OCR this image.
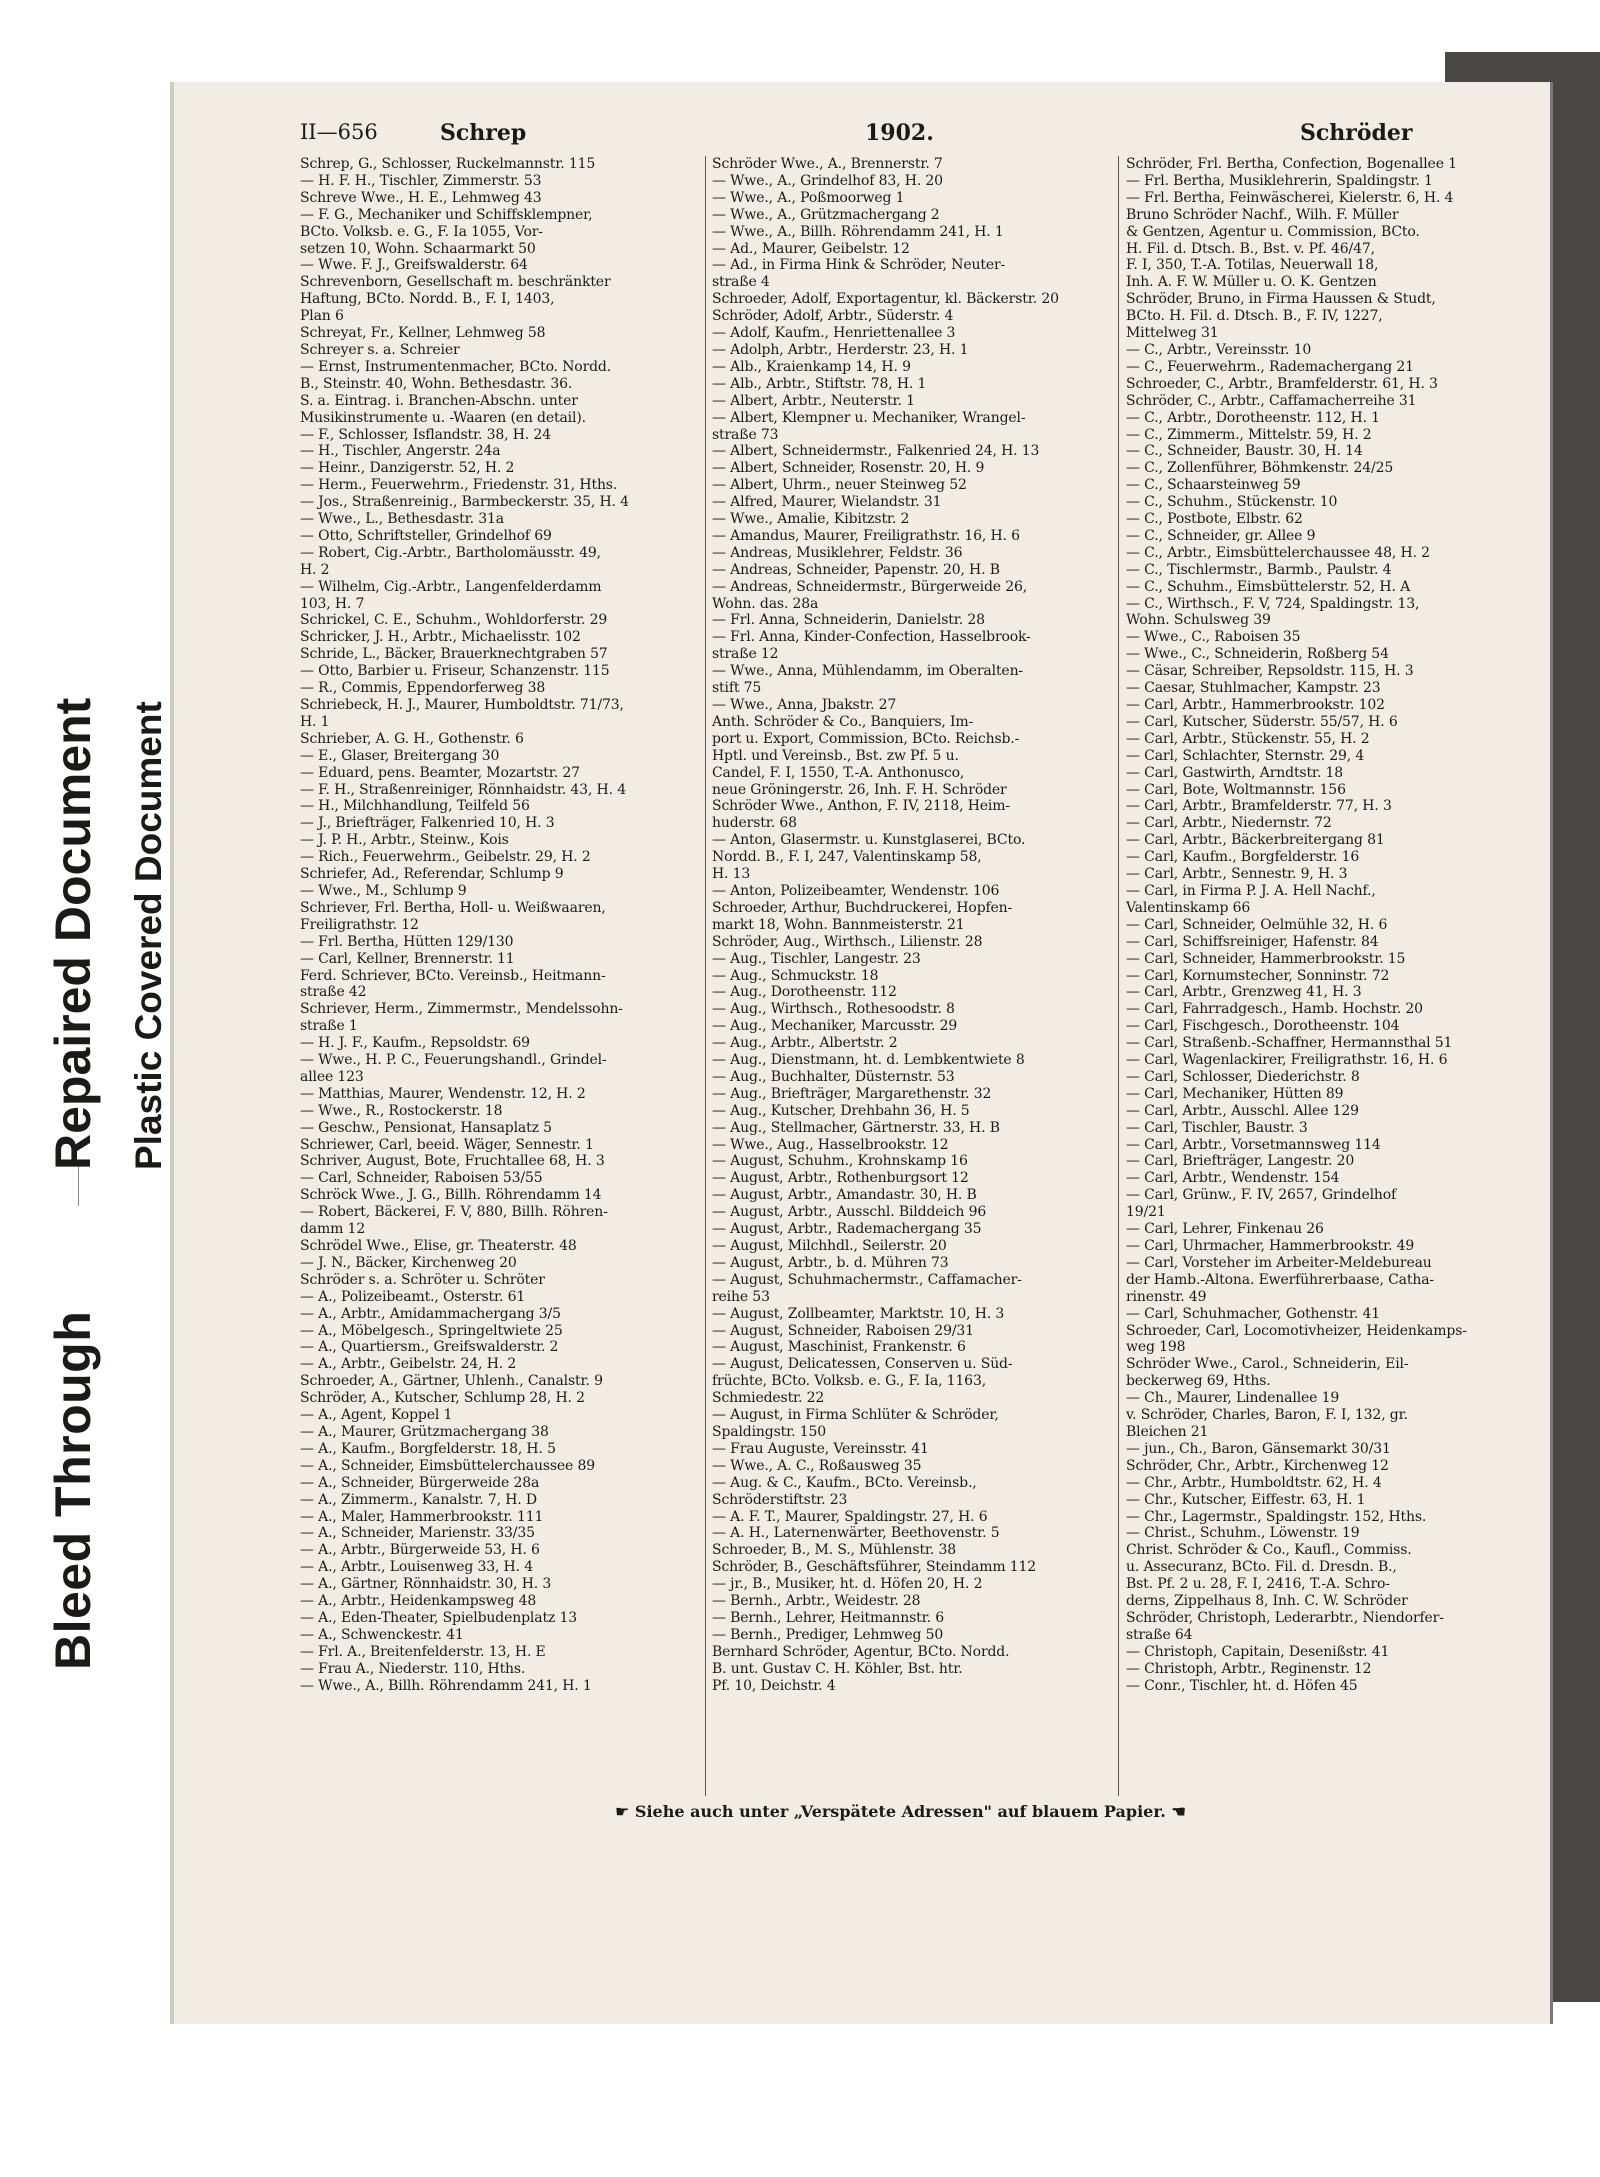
Bleed Through
Repaired Document Plastic Covered Document
II—656	Schrep	1902.	Schröder
Schrep, G., Schlosser, Ruckelmannstr. 115
— H. F. H., Tischler, Zimmerstr. 53
Schreve Wwe., H. E., Lehmweg 43
— F. G., Mechaniker und Schiffsklempner,
BCto. Volksb. e. G., F. Ia 1055, Vor-
setzen 10, Wohn. Schaarmarkt 50
— Wwe. F. J., Greifswalderstr. 64
Schrevenborn, Gesellschaft m. beschränkter
Haftung, BCto. Nordd. B., F. I, 1403,
Plan 6
Schreyat, Fr., Kellner, Lehmweg 58
Schreyer s. a. Schreier
— Ernst, Instrumentenmacher, BCto. Nordd.
B., Steinstr. 40, Wohn. Bethesdastr. 36.
S. a. Eintrag. i. Branchen-Abschn. unter
Musikinstrumente u. -Waaren (en detail).
— F., Schlosser, Isflandstr. 38, H. 24
— H., Tischler, Angerstr. 24a
— Heinr., Danzigerstr. 52, H. 2
— Herm., Feuerwehrm., Friedenstr. 31, Hths.
— Jos., Straßenreinig., Barmbeckerstr. 35, H. 4
— Wwe., L., Bethesdastr. 31a
— Otto, Schriftsteller, Grindelhof 69
— Robert, Cig.-Arbtr., Bartholomäusstr. 49,
H. 2
— Wilhelm, Cig.-Arbtr., Langenfelderdamm
103, H. 7
Schrickel, C. E., Schuhm., Wohldorferstr. 29
Schricker, J. H., Arbtr., Michaelisstr. 102
Schride, L., Bäcker, Brauerknechtgraben 57
— Otto, Barbier u. Friseur, Schanzenstr. 115
— R., Commis, Eppendorferweg 38
Schriebeck, H. J., Maurer, Humboldtstr. 71/73,
H. 1
Schrieber, A. G. H., Gothenstr. 6
— E., Glaser, Breitergang 30
— Eduard, pens. Beamter, Mozartstr. 27
— F. H., Straßenreiniger, Rönnhaidstr. 43, H. 4
— H., Milchhandlung, Teilfeld 56
— J., Briefträger, Falkenried 10, H. 3
— J. P. H., Arbtr., Steinw., Kois
— Rich., Feuerwehrm., Geibelstr. 29, H. 2
Schriefer, Ad., Referendar, Schlump 9
— Wwe., M., Schlump 9
Schriever, Frl. Bertha, Holl- u. Weißwaaren,
Freiligrathstr. 12
— Frl. Bertha, Hütten 129/130
— Carl, Kellner, Brennerstr. 11
Ferd. Schriever, BCto. Vereinsb., Heitmann-
straße 42
Schriever, Herm., Zimmermstr., Mendelssohn-
straße 1
— H. J. F., Kaufm., Repsoldstr. 69
— Wwe., H. P. C., Feuerungshandl., Grindel-
allee 123
— Matthias, Maurer, Wendenstr. 12, H. 2
— Wwe., R., Rostockerstr. 18
— Geschw., Pensionat, Hansaplatz 5
Schriewer, Carl, beeid. Wäger, Sennestr. 1
Schriver, August, Bote, Fruchtallee 68, H. 3
— Carl, Schneider, Raboisen 53/55
Schröck Wwe., J. G., Billh. Röhrendamm 14
— Robert, Bäckerei, F. V, 880, Billh. Röhren-
damm 12
Schrödel Wwe., Elise, gr. Theaterstr. 48
— J. N., Bäcker, Kirchenweg 20
Schröder s. a. Schröter u. Schröter
— A., Polizeibeamt., Osterstr. 61
— A., Arbtr., Amidammachergang 3/5
— A., Möbelgesch., Springeltwiete 25
— A., Quartiersm., Greifswalderstr. 2
— A., Arbtr., Geibelstr. 24, H. 2
Schroeder, A., Gärtner, Uhlenh., Canalstr. 9
Schröder, A., Kutscher, Schlump 28, H. 2
— A., Agent, Koppel 1
— A., Maurer, Grützmachergang 38
— A., Kaufm., Borgfelderstr. 18, H. 5
— A., Schneider, Eimsbüttelerchaussee 89
— A., Schneider, Bürgerweide 28a
— A., Zimmerm., Kanalstr. 7, H. D
— A., Maler, Hammerbrookstr. 111
— A., Schneider, Marienstr. 33/35
— A., Arbtr., Bürgerweide 53, H. 6
— A., Arbtr., Louisenweg 33, H. 4
— A., Gärtner, Rönnhaidstr. 30, H. 3
— A., Arbtr., Heidenkampsweg 48
— A., Eden-Theater, Spielbudenplatz 13
— A., Schwenckestr. 41
— Frl. A., Breitenfelderstr. 13, H. E
— Frau A., Niederstr. 110, Hths.
— Wwe., A., Billh. Röhrendamm 241, H. 1
Schröder Wwe., A., Brennerstr. 7
— Wwe., A., Grindelhof 83, H. 20
— Wwe., A., Poßmoorweg 1
— Wwe., A., Grützmachergang 2
— Wwe., A., Billh. Röhrendamm 241, H. 1
— Ad., Maurer, Geibelstr. 12
— Ad., in Firma Hink & Schröder, Neuter-
straße 4
Schroeder, Adolf, Exportagentur, kl. Bäckerstr. 20
Schröder, Adolf, Arbtr., Süderstr. 4
— Adolf, Kaufm., Henriettenallee 3
— Adolph, Arbtr., Herderstr. 23, H. 1
— Alb., Kraienkamp 14, H. 9
— Alb., Arbtr., Stiftstr. 78, H. 1
— Albert, Arbtr., Neuterstr. 1
— Albert, Klempner u. Mechaniker, Wrangel-
straße 73
— Albert, Schneidermstr., Falkenried 24, H. 13
— Albert, Schneider, Rosenstr. 20, H. 9
— Albert, Uhrm., neuer Steinweg 52
— Alfred, Maurer, Wielandstr. 31
— Wwe., Amalie, Kibitzstr. 2
— Amandus, Maurer, Freiligrathstr. 16, H. 6
— Andreas, Musiklehrer, Feldstr. 36
— Andreas, Schneider, Papenstr. 20, H. B
— Andreas, Schneidermstr., Bürgerweide 26,
Wohn. das. 28a
— Frl. Anna, Schneiderin, Danielstr. 28
— Frl. Anna, Kinder-Confection, Hasselbrook-
straße 12
— Wwe., Anna, Mühlendamm, im Oberalten-
stift 75
— Wwe., Anna, Jbakstr. 27
Anth. Schröder & Co., Banquiers, Im-
port u. Export, Commission, BCto. Reichsb.-
Hptl. und Vereinsb., Bst. zw Pf. 5 u.
Candel, F. I, 1550, T.-A. Anthonusco,
neue Gröningerstr. 26, Inh. F. H. Schröder
Schröder Wwe., Anthon, F. IV, 2118, Heim-
huderstr. 68
— Anton, Glasermstr. u. Kunstglaserei, BCto.
Nordd. B., F. I, 247, Valentinskamp 58,
H. 13
— Anton, Polizeibeamter, Wendenstr. 106
Schroeder, Arthur, Buchdruckerei, Hopfen-
markt 18, Wohn. Bannmeisterstr. 21
Schröder, Aug., Wirthsch., Lilienstr. 28
— Aug., Tischler, Langestr. 23
— Aug., Schmuckstr. 18
— Aug., Dorotheenstr. 112
— Aug., Wirthsch., Rothesoodstr. 8
— Aug., Mechaniker, Marcusstr. 29
— Aug., Arbtr., Albertstr. 2
— Aug., Dienstmann, ht. d. Lembkentwiete 8
— Aug., Buchhalter, Düsternstr. 53
— Aug., Briefträger, Margarethenstr. 32
— Aug., Kutscher, Drehbahn 36, H. 5
— Aug., Stellmacher, Gärtnerstr. 33, H. B
— Wwe., Aug., Hasselbrookstr. 12
— August, Schuhm., Krohnskamp 16
— August, Arbtr., Rothenburgsort 12
— August, Arbtr., Amandastr. 30, H. B
— August, Arbtr., Ausschl. Bilddeich 96
— August, Arbtr., Rademachergang 35
— August, Milchhdl., Seilerstr. 20
— August, Arbtr., b. d. Mühren 73
— August, Schuhmachermstr., Caffamacher-
reihe 53
— August, Zollbeamter, Marktstr. 10, H. 3
— August, Schneider, Raboisen 29/31
— August, Maschinist, Frankenstr. 6
— August, Delicatessen, Conserven u. Süd-
früchte, BCto. Volksb. e. G., F. Ia, 1163,
Schmiedestr. 22
— August, in Firma Schlüter & Schröder,
Spaldingstr. 150
— Frau Auguste, Vereinsstr. 41
— Wwe., A. C., Roßausweg 35
— Aug. & C., Kaufm., BCto. Vereinsb.,
Schröderstiftstr. 23
— A. F. T., Maurer, Spaldingstr. 27, H. 6
— A. H., Laternenwärter, Beethovenstr. 5
Schroeder, B., M. S., Mühlenstr. 38
Schröder, B., Geschäftsführer, Steindamm 112
— jr., B., Musiker, ht. d. Höfen 20, H. 2
— Bernh., Arbtr., Weidestr. 28
— Bernh., Lehrer, Heitmannstr. 6
— Bernh., Prediger, Lehmweg 50
Bernhard Schröder, Agentur, BCto. Nordd.
B. unt. Gustav C. H. Köhler, Bst. htr.
Pf. 10, Deichstr. 4
Schröder, Frl. Bertha, Confection, Bogenallee 1
— Frl. Bertha, Musiklehrerin, Spaldingstr. 1
— Frl. Bertha, Feinwäscherei, Kielerstr. 6, H. 4
Bruno Schröder Nachf., Wilh. F. Müller
& Gentzen, Agentur u. Commission, BCto.
H. Fil. d. Dtsch. B., Bst. v. Pf. 46/47,
F. I, 350, T.-A. Totilas, Neuerwall 18,
Inh. A. F. W. Müller u. O. K. Gentzen
Schröder, Bruno, in Firma Haussen & Studt,
BCto. H. Fil. d. Dtsch. B., F. IV, 1227,
Mittelweg 31
— C., Arbtr., Vereinsstr. 10
— C., Feuerwehrm., Rademachergang 21
Schroeder, C., Arbtr., Bramfelderstr. 61, H. 3
Schröder, C., Arbtr., Caffamacherreihe 31
— C., Arbtr., Dorotheenstr. 112, H. 1
— C., Zimmerm., Mittelstr. 59, H. 2
— C., Schneider, Baustr. 30, H. 14
— C., Zollenführer, Böhmkenstr. 24/25
— C., Schaarsteinweg 59
— C., Schuhm., Stückenstr. 10
— C., Postbote, Elbstr. 62
— C., Schneider, gr. Allee 9
— C., Arbtr., Eimsbüttelerchaussee 48, H. 2
— C., Tischlermstr., Barmb., Paulstr. 4
— C., Schuhm., Eimsbüttelerstr. 52, H. A
— C., Wirthsch., F. V, 724, Spaldingstr. 13,
Wohn. Schulsweg 39
— Wwe., C., Raboisen 35
— Wwe., C., Schneiderin, Roßberg 54
— Cäsar, Schreiber, Repsoldstr. 115, H. 3
— Caesar, Stuhlmacher, Kampstr. 23
— Carl, Arbtr., Hammerbrookstr. 102
— Carl, Kutscher, Süderstr. 55/57, H. 6
— Carl, Arbtr., Stückenstr. 55, H. 2
— Carl, Schlachter, Sternstr. 29, 4
— Carl, Gastwirth, Arndtstr. 18
— Carl, Bote, Woltmannstr. 156
— Carl, Arbtr., Bramfelderstr. 77, H. 3
— Carl, Arbtr., Niedernstr. 72
— Carl, Arbtr., Bäckerbreitergang 81
— Carl, Kaufm., Borgfelderstr. 16
— Carl, Arbtr., Sennestr. 9, H. 3
— Carl, in Firma P. J. A. Hell Nachf.,
Valentinskamp 66
— Carl, Schneider, Oelmühle 32, H. 6
— Carl, Schiffsreiniger, Hafenstr. 84
— Carl, Schneider, Hammerbrookstr. 15
— Carl, Kornumstecher, Sonninstr. 72
— Carl, Arbtr., Grenzweg 41, H. 3
— Carl, Fahrradgesch., Hamb. Hochstr. 20
— Carl, Fischgesch., Dorotheenstr. 104
— Carl, Straßenb.-Schaffner, Hermannsthal 51
— Carl, Wagenlackirer, Freiligrathstr. 16, H. 6
— Carl, Schlosser, Diederichstr. 8
— Carl, Mechaniker, Hütten 89
— Carl, Arbtr., Ausschl. Allee 129
— Carl, Tischler, Baustr. 3
— Carl, Arbtr., Vorsetmannsweg 114
— Carl, Briefträger, Langestr. 20
— Carl, Arbtr., Wendenstr. 154
— Carl, Grünw., F. IV, 2657, Grindelhof
19/21
— Carl, Lehrer, Finkenau 26
— Carl, Uhrmacher, Hammerbrookstr. 49
— Carl, Vorsteher im Arbeiter-Meldebureau
der Hamb.-Altona. Ewerführerbaase, Catha-
rinenstr. 49
— Carl, Schuhmacher, Gothenstr. 41
Schroeder, Carl, Locomotivheizer, Heidenkamps-
weg 198
Schröder Wwe., Carol., Schneiderin, Eil-
beckerweg 69, Hths.
— Ch., Maurer, Lindenallee 19
v. Schröder, Charles, Baron, F. I, 132, gr.
Bleichen 21
— jun., Ch., Baron, Gänsemarkt 30/31
Schröder, Chr., Arbtr., Kirchenweg 12
— Chr., Arbtr., Humboldtstr. 62, H. 4
— Chr., Kutscher, Eiffestr. 63, H. 1
— Chr., Lagermstr., Spaldingstr. 152, Hths.
— Christ., Schuhm., Löwenstr. 19
Christ. Schröder & Co., Kaufl., Commiss.
u. Assecuranz, BCto. Fil. d. Dresdn. B.,
Bst. Pf. 2 u. 28, F. I, 2416, T.-A. Schro-
derns, Zippelhaus 8, Inh. C. W. Schröder
Schröder, Christoph, Lederarbtr., Niendorfer-
straße 64
— Christoph, Capitain, Desenißstr. 41
— Christoph, Arbtr., Reginenstr. 12
— Conr., Tischler, ht. d. Höfen 45
☛ Siehe auch unter „Verspätete Adressen" auf blauem Papier. ☚
